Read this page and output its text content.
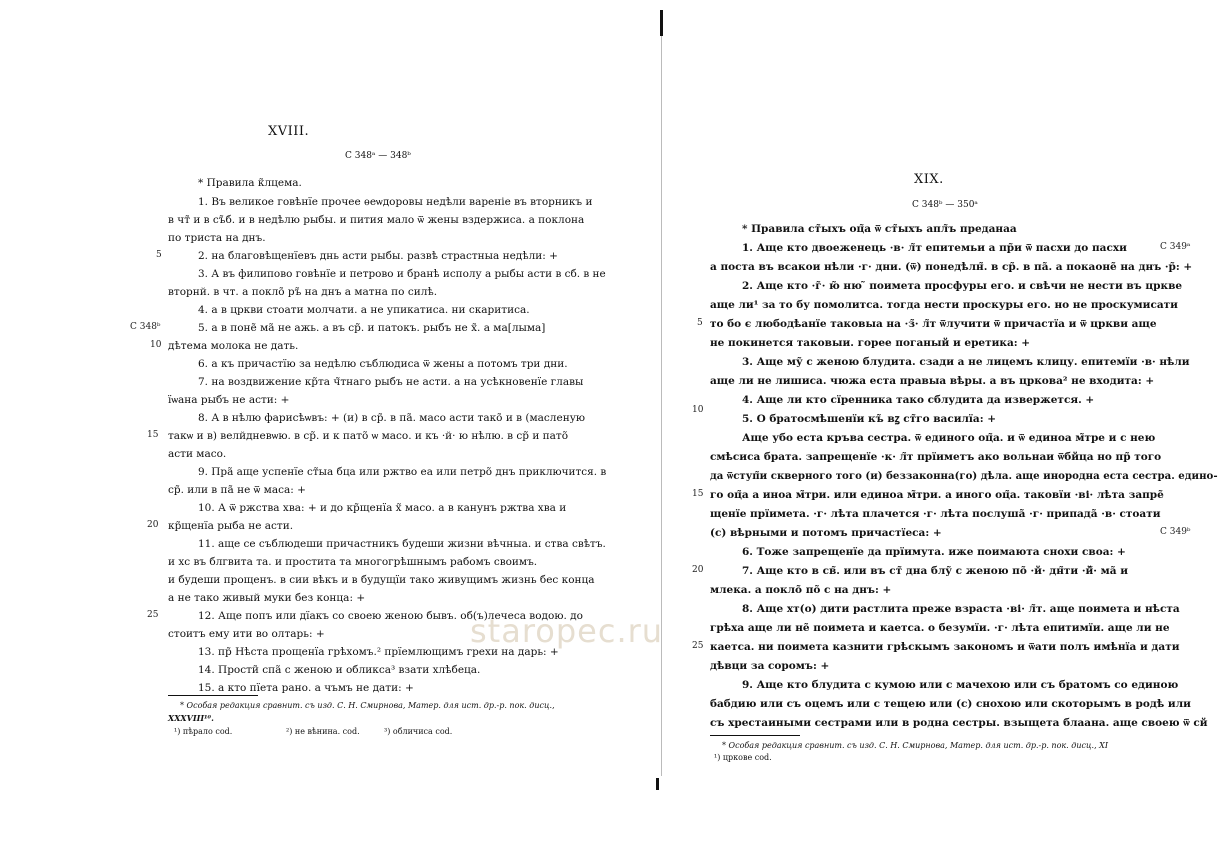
XVIII.
С 348ᵃ — 348ᵇ
* Правила к̃лцема.
1. Въ великое говѣнїе прочее ѳеѡдоровы недѣли вареніе въ вторникъ и
в чт̃ и в съ̃б. и в недѣлю рыбы. и пития мало ѿ жены вздержиса. а поклона
по триста на днъ.
2. на благовѣщенїевъ днь асти рыбы. развѣ страстныа недѣли: +
3. А въ филипово говѣнїе и петрово и бранѣ исполу а рыбы асти в сб. в не
вторнй. в чт. а покло̃ ръ̃ на днъ а матна по силѣ.
4. а в цркви стоати молчати. а не упикатиса. ни скаритиса.
5. а в поне̃ ма̃ не ажь. а въ ср̃. и патокъ. рыбъ не х̃. а ма[лыма]
дѣтема молока не дать.
6. а къ причастїю за недѣлю съблюдиса ѿ жены а потомъ три дни.
7. на воздвижение кр̃та ч̃тнаго рыбъ не асти. а на усѣкновенїе главы
їѡана рыбъ не асти: +
8. А в нѣлю фарисѣѡвъ: + (и) в ср̃. в па̃. масо асти тако̃ и в (масленую
такѡ и в) велйдневѡю. в ср̃. и к пато̃ ѡ масо. и къ ·й· ю нѣлю. в ср̃ и пато̃
асти масо.
9. Пра̃ аще успенїе ст̃ыа бца или ржтво еа или петро̃ днъ приключится. в
ср̃. или в па̃ не ѿ маса: +
10. А ѿ ржства хва: + и до кр̃щенїа х̃ масо. а в канунъ ржтва хва и
кр̃щенїа рыба не асти.
11. аще се съблюдеши причастникъ будеши жизни вѣчныа. и ства свѣтъ.
и хс въ блгвита та. и простита та многогрѣшнымъ рабомъ своимъ.
и будеши прощенъ. в сии вѣкъ и в будущїи тако живущимъ жизнь бес конца
а не тако живый муки без конца: +
12. Аще попъ или дїакъ со своею женою бывъ. об(ъ)лечеса водою. до
стоитъ ему ити во олтарь: +
13. пр̃ Нѣста прощенїа грѣхомъ.² прїемлющимъ грехи на дарь: +
14. Прости̃ спа̃ с женою и обликса³ взати хлѣбеца.
15. а кто пїета рано. а чъмъ не дати: +
5
С 348ᵇ
10
15
20
25
* Особая редакция сравнит. съ изд. С. Н. Смирнова, Матер. для ист. др.-р. пок. дисц.,
XXXVIII¹⁰.
¹) пѣрало cod.	²) не вѣнина. cod.	³) обличиса cod.
XIX.
С 348ᵇ — 350ᵃ
* Правила ст̃ыхъ оц̃а ѿ ст̃ыхъ апл̃ъ преданаа
1. Аще кто двоеженець ·в· л̃т епитемьи а пр̃и ѿ пасхи до пасхи
а поста въ всакои нѣли ·г· дни. (ѿ) понедѣлн̃. в ср̃. в па̃. а покаоне̃ на днъ ·р̃: +
2. Аще кто ·г̃· ю̃ ню ̃ поимета просфуры его. и свѣчи не нести въ цркве
аще ли¹ за то бу помолитса. тогда нести проскуры его. но не проскумисати
то бо є любодѣанїе таковыа на ·з̃· л̃т ѿлучити ѿ причастїа и ѿ цркви аще
не покинется таковыи. горее поганый и еретика: +
3. Аще му̃ с женою блудита. сзади а не лицемъ клицу. епитемїи ·в· нѣли
аще ли не лишиса. чюжа еста правыа вѣры. а въ цркова² не входита: +
4. Аще ли кто сїренника тако сблудита да извержется. +
5. О братосмѣшенїи къ̃ вꙁ ст̃го василїа: +
Аще убо еста кръва сестра. ѿ единого оц̃а. и ѿ единоа м̃тре и с нею
смѣсиса брата. запрещенїе ·к· л̃т прїиметъ ако вольнаи ѿбйца но пр̃ того
да ѿступ̃и скверного того (и) беззаконна(го) дѣла. аще инородна еста сестра. едино-
го оц̃а а иноа м̃три. или единоа м̃три. а иного оц̃а. таковїи ·ві· лѣта запре̃
щенїе прїимета. ·г· лѣта плачется ·г· лѣта послуша̃ ·г· припада̃ ·в· стоати
(с) вѣрными и потомъ причастїеса: +
6. Тоже запрещенїе да прїимута. иже поимаюта снохи своа: +
7. Аще кто в св̃. или въ ст̃ дна блу̃ с женою по̃ ·й· дн̃ти ·й̃· ма̃ и
млека. а покло̃ по̃ с на днъ: +
8. Аще хт(о) дити растлита преже взраста ·ві· л̃т. аще поимета и нѣста
грѣха аще ли не̃ поимета и каетса. о безумїи. ·г· лѣта епитимїи. аще ли не
каетса. ни поимета казнити грѣскымъ закономъ и ѿати полъ имѣнїа и дати
дѣвци за соромъ: +
9. Аще кто блудита с кумою или с мачехою или съ братомъ со единою
бабдию или съ оцемъ или с тещею или (с) снохою или скоторымъ в родѣ или
съ хрестаиными сестрами или в родна сестры. взыщета блаана. аще своею ѿ сй
5
10
15
20
25
С 349ᵃ
С 349ᵇ
* Особая редакция сравнит. съ изд. С. Н. Смирнова, Матер. для ист. др.-р. пок. дисц., XI
¹) цркове cod.
staropec.ru
